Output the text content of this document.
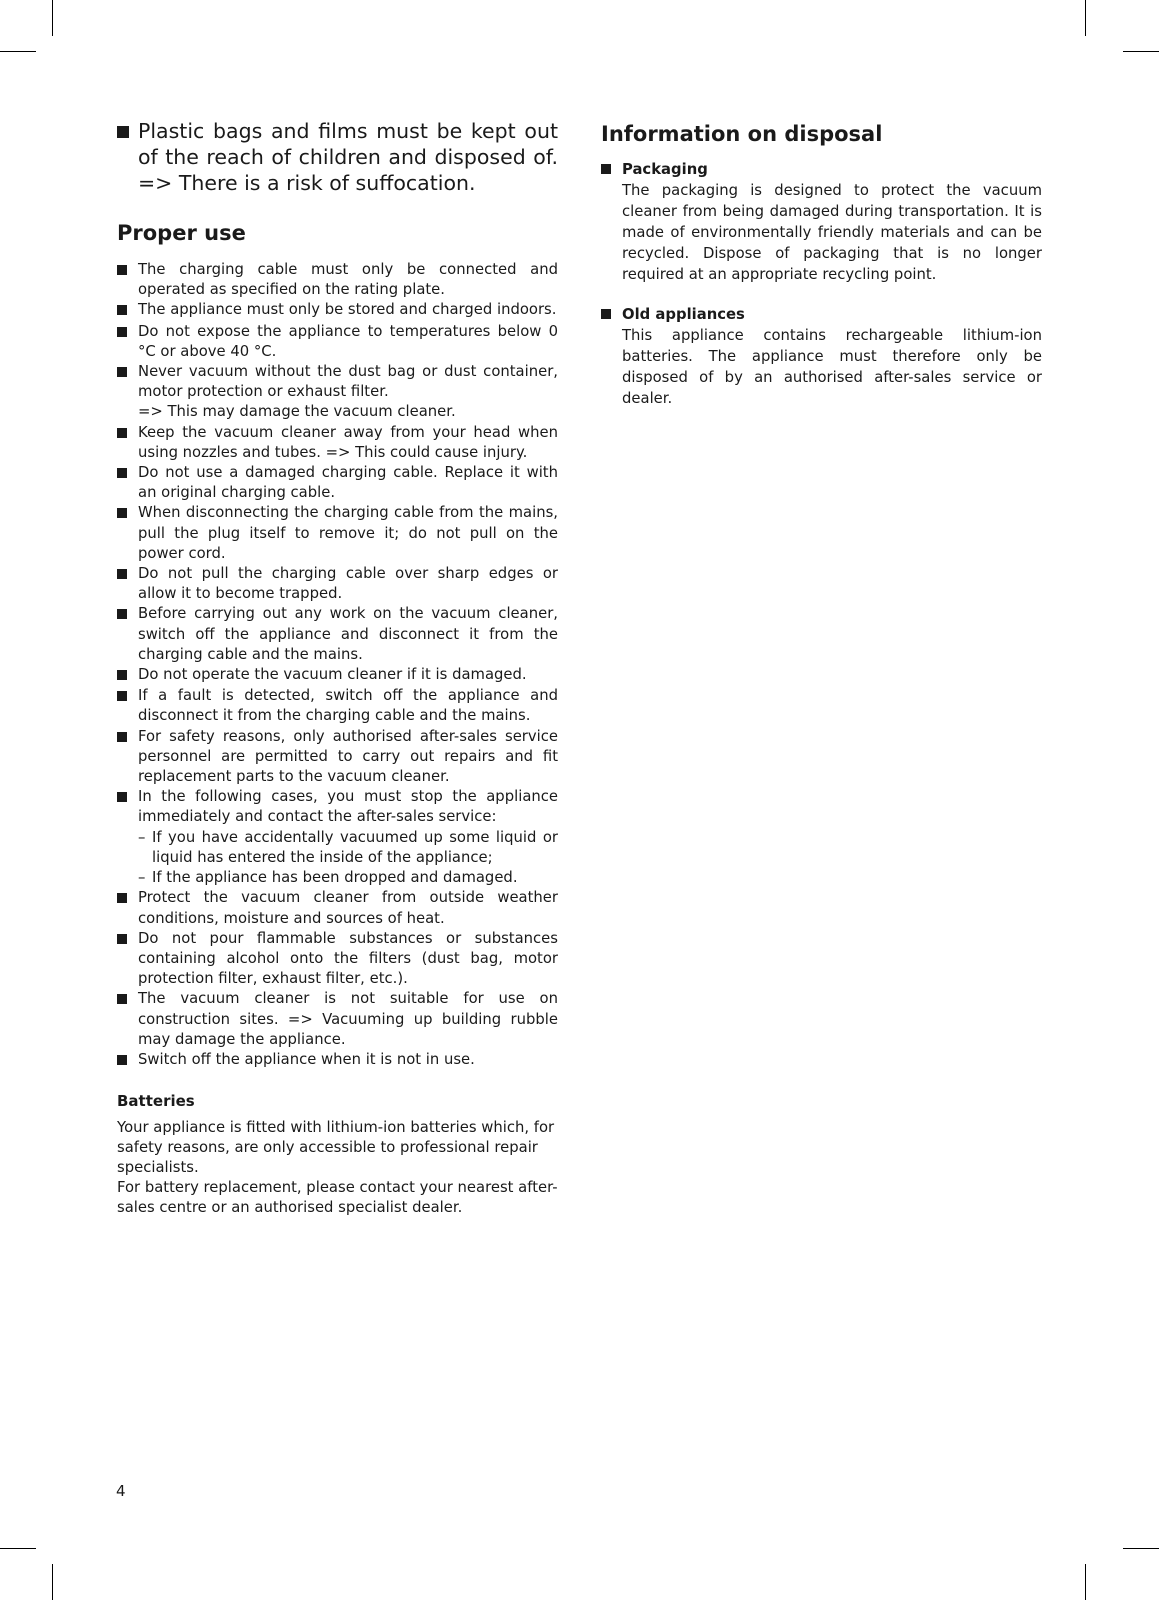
Plastic bags and films must be kept out
of the reach of children and disposed of.
=> There is a risk of suffocation.
Proper use
The charging cable must only be connected and operated as specified on the rating plate.
The appliance must only be stored and charged indoors.
Do not expose the appliance to temperatures below 0 °C or above 40 °C.
Never vacuum without the dust bag or dust container, motor protection or exhaust filter.
=> This may damage the vacuum cleaner.
Keep the vacuum cleaner away from your head when using nozzles and tubes. => This could cause injury.
Do not use a damaged charging cable. Replace it with an original charging cable.
When disconnecting the charging cable from the mains, pull the plug itself to remove it; do not pull on the power cord.
Do not pull the charging cable over sharp edges or allow it to become trapped.
Before carrying out any work on the vacuum cleaner, switch off the appliance and disconnect it from the charging cable and the mains.
Do not operate the vacuum cleaner if it is damaged.
If a fault is detected, switch off the appliance and disconnect it from the charging cable and the mains.
For safety reasons, only authorised after-sales service personnel are permitted to carry out repairs and fit replacement parts to the vacuum cleaner.
In the following cases, you must stop the appliance immediately and contact the after-sales service:
– If you have accidentally vacuumed up some liquid or liquid has entered the inside of the appliance;
– If the appliance has been dropped and damaged.
Protect the vacuum cleaner from outside weather conditions, moisture and sources of heat.
Do not pour flammable substances or substances containing alcohol onto the filters (dust bag, motor protection filter, exhaust filter, etc.).
The vacuum cleaner is not suitable for use on construction sites. => Vacuuming up building rubble may damage the appliance.
Switch off the appliance when it is not in use.
Batteries

Your appliance is fitted with lithium-ion batteries which, for safety reasons, are only accessible to professional repair specialists.

For battery replacement, please contact your nearest after-sales centre or an authorised specialist dealer.

Information on disposal
Packaging
The packaging is designed to protect the vacuum cleaner from being damaged during transportation. It is made of environmentally friendly materials and can be recycled. Dispose of packaging that is no longer required at an appropriate recycling point.
Old appliances
This appliance contains rechargeable lithium-ion batteries. The appliance must therefore only be disposed of by an authorised after-sales service or dealer.
4
